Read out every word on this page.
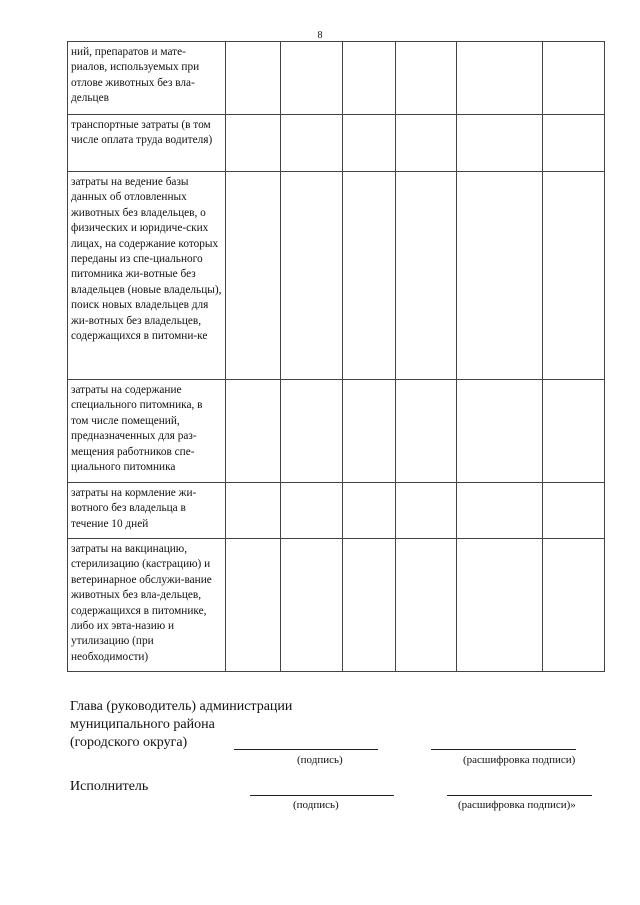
8
ний, препаратов и мате-риалов, используемых при отлове животных без вла-дельцев						
транспортные затраты (в том числе оплата труда водителя)						
затраты на ведение базы данных об отловленных животных без владельцев, о физических и юридиче-ских лицах, на содержание которых переданы из спе-циального питомника жи-вотные без владельцев (новые владельцы), поиск новых владельцев для жи-вотных без владельцев, содержащихся в питомни-ке						
затраты на содержание специального питомника, в том числе помещений, предназначенных для раз-мещения работников спе-циального питомника						
затраты на кормление жи-вотного без владельца в течение 10 дней						
затраты на вакцинацию, стерилизацию (кастрацию) и ветеринарное обслужи-вание животных без вла-дельцев, содержащихся в питомнике, либо их эвта-назию и утилизацию (при необходимости)						
Глава (руководитель) администрации
муниципального района
(городского округа)
(подпись)	(расшифровка подписи)
Исполнитель
(подпись)	(расшифровка подписи)»
